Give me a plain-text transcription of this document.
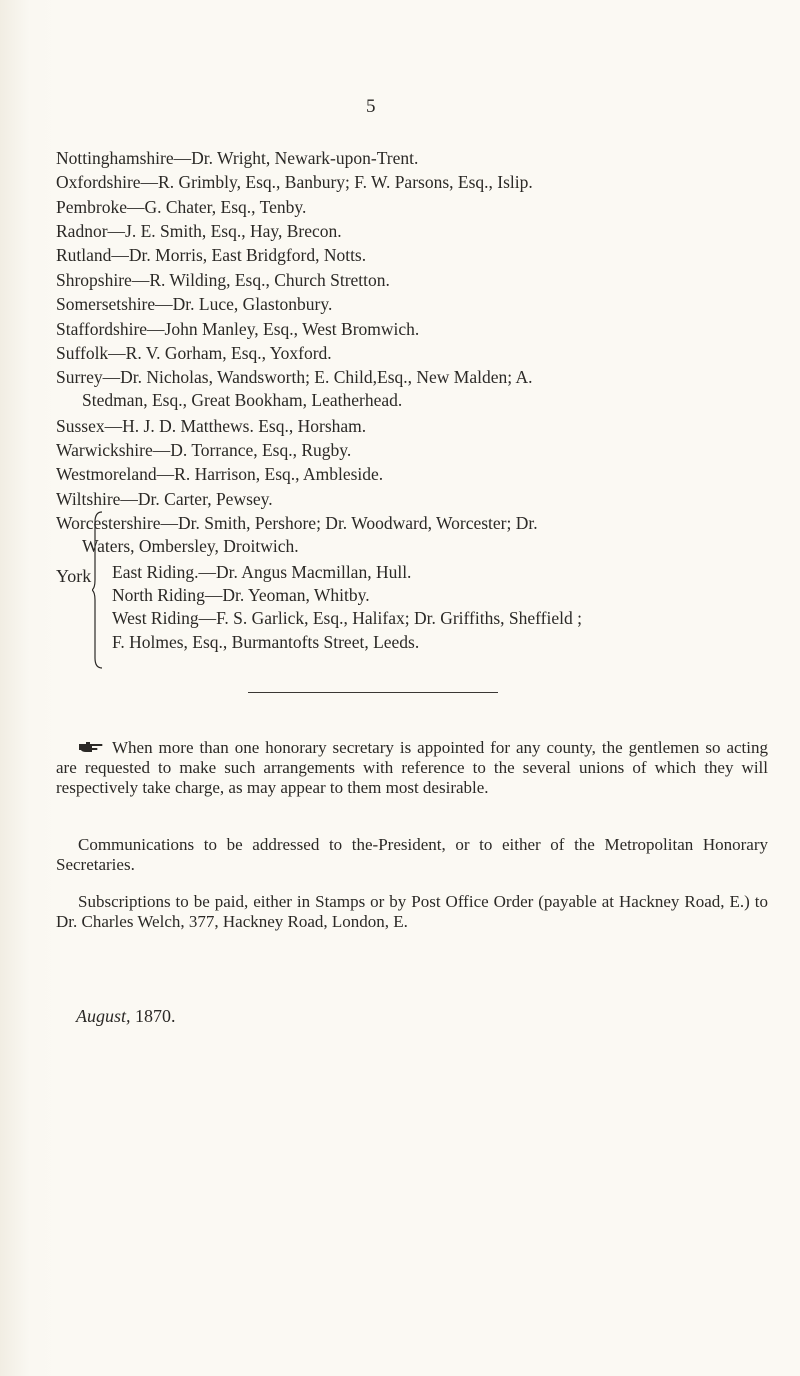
5
Nottinghamshire—Dr. Wright, Newark-upon-Trent.
Oxfordshire—R. Grimbly, Esq., Banbury; F. W. Parsons, Esq., Islip.
Pembroke—G. Chater, Esq., Tenby.
Radnor—J. E. Smith, Esq., Hay, Brecon.
Rutland—Dr. Morris, East Bridgford, Notts.
Shropshire—R. Wilding, Esq., Church Stretton.
Somersetshire—Dr. Luce, Glastonbury.
Staffordshire—John Manley, Esq., West Bromwich.
Suffolk—R. V. Gorham, Esq., Yoxford.
Surrey—Dr. Nicholas, Wandsworth; E. Child,Esq., New Malden; A.
Stedman, Esq., Great Bookham, Leatherhead.
Sussex—H. J. D. Matthews. Esq., Horsham.
Warwickshire—D. Torrance, Esq., Rugby.
Westmoreland—R. Harrison, Esq., Ambleside.
Wiltshire—Dr. Carter, Pewsey.
Worcestershire—Dr. Smith, Pershore; Dr. Woodward, Worcester; Dr.
Waters, Ombersley, Droitwich.
York East Riding.—Dr. Angus Macmillan, Hull.
North Riding—Dr. Yeoman, Whitby.
West Riding—F. S. Garlick, Esq., Halifax; Dr. Griffiths, Sheffield ;
F. Holmes, Esq., Burmantofts Street, Leeds.
When more than one honorary secretary is appointed for any county, the gentlemen so acting are requested to make such arrangements with reference to the several unions of which they will respectively take charge, as may appear to them most desirable.
Communications to be addressed to the-President, or to either of the Metropolitan Honorary Secretaries.
Subscriptions to be paid, either in Stamps or by Post Office Order (payable at Hackney Road, E.) to Dr. Charles Welch, 377, Hackney Road, London, E.
August, 1870.
